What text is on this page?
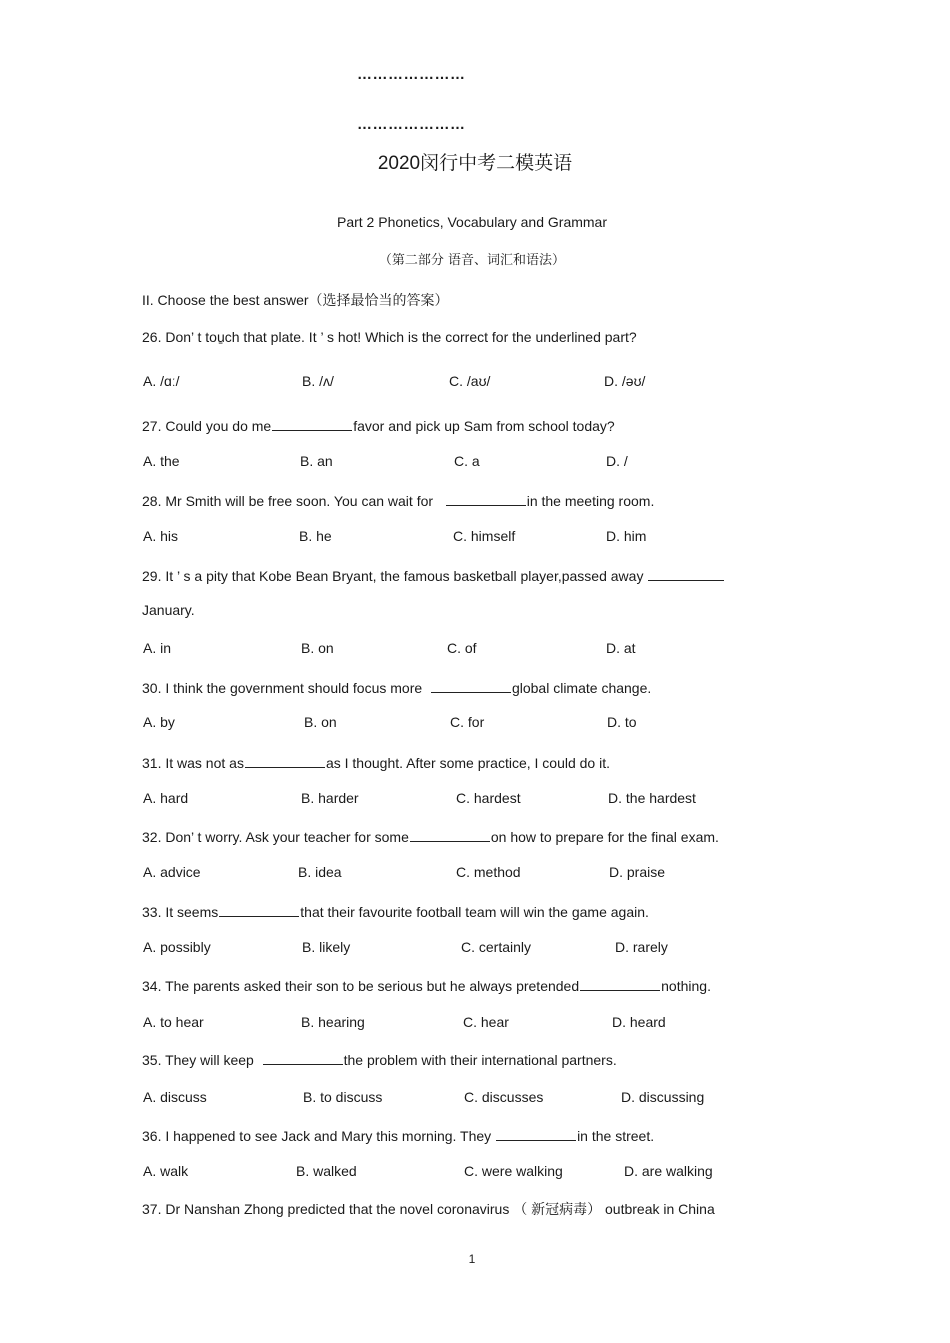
…………………
…………………
2020闵行中考二模英语
Part 2 Phonetics, Vocabulary and Grammar
（第二部分 语音、词汇和语法）
II. Choose the best answer（选择最恰当的答案）
26. Don’ t tou̱ch that plate. It ’ s hot! Which is the correct for the underlined part?
A. /ɑː/	B. /ʌ/	C. /aʊ/	D. /əʊ/
27. Could you do me	favor and pick up Sam from school today?
A. the	B. an	C. a	D. /
28. Mr Smith will be free soon. You can wait for	in the meeting room.
A. his	B. he	C. himself	D. him
29. It ’ s a pity that Kobe Bean Bryant, the famous basketball player,passed away
January.
A. in	B. on	C. of	D. at
30. I think the government should focus more	global climate change.
A. by	B. on	C. for	D. to
31. It was not as	as I thought. After some practice, I could do it.
A. hard	B. harder	C. hardest	D. the hardest
32. Don’ t worry. Ask your teacher for some	on how to prepare for the final exam.
A. advice	B. idea	C. method	D. praise
33. It seems	that their favourite football team will win the game again.
A. possibly	B. likely	C. certainly	D. rarely
34. The parents asked their son to be serious but he always pretended	nothing.
A. to hear	B. hearing	C. hear	D. heard
35. They will keep	the problem with their international partners.
A. discuss	B. to discuss	C. discusses	D. discussing
36. I happened to see Jack and Mary this morning. They	in the street.
A. walk	B. walked	C. were walking	D. are walking
37. Dr Nanshan Zhong predicted that the novel coronavirus （ 新冠病毒） outbreak in China
1
